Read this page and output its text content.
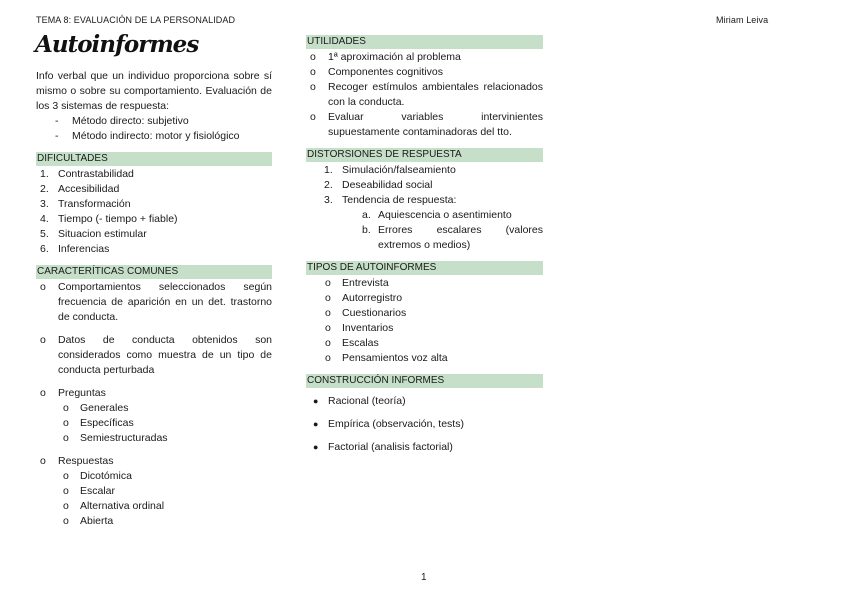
TEMA 8: EVALUACIÓN DE LA PERSONALIDAD	Miriam Leiva
Autoinformes

Info verbal que un individuo proporciona sobre sí mismo o sobre su comportamiento. Evaluación de los 3 sistemas de respuesta:

- Método directo: subjetivo
- Método indirecto: motor y fisiológico
DIFICULTADES
1. Contrastabilidad
2. Accesibilidad
3. Transformación
4. Tiempo (- tiempo + fiable)
5. Situacion estimular
6. Inferencias
CARACTERÍTICAS COMUNES
o Comportamientos seleccionados según frecuencia de aparición en un det. trastorno de conducta.
o Datos de conducta obtenidos son considerados como muestra de un tipo de conducta perturbada
o Preguntas
o Generales
o Específicas
o Semiestructuradas
o Respuestas
o Dicotómica
o Escalar
o Alternativa ordinal
o Abierta
UTILIDADES
o 1ª aproximación al problema
o Componentes cognitivos
o Recoger estímulos ambientales relacionados con la conducta.
o Evaluar variables intervinientes supuestamente contaminadoras del tto.
DISTORSIONES DE RESPUESTA
1. Simulación/falseamiento
2. Deseabilidad social
3. Tendencia de respuesta:
a. Aquiescencia o asentimiento
b. Errores escalares (valores extremos o medios)
TIPOS DE AUTOINFORMES
o Entrevista
o Autorregistro
o Cuestionarios
o Inventarios
o Escalas
o Pensamientos voz alta
CONSTRUCCIÓN INFORMES
● Racional (teoría)
● Empírica (observación, tests)
● Factorial (analisis factorial)
1
